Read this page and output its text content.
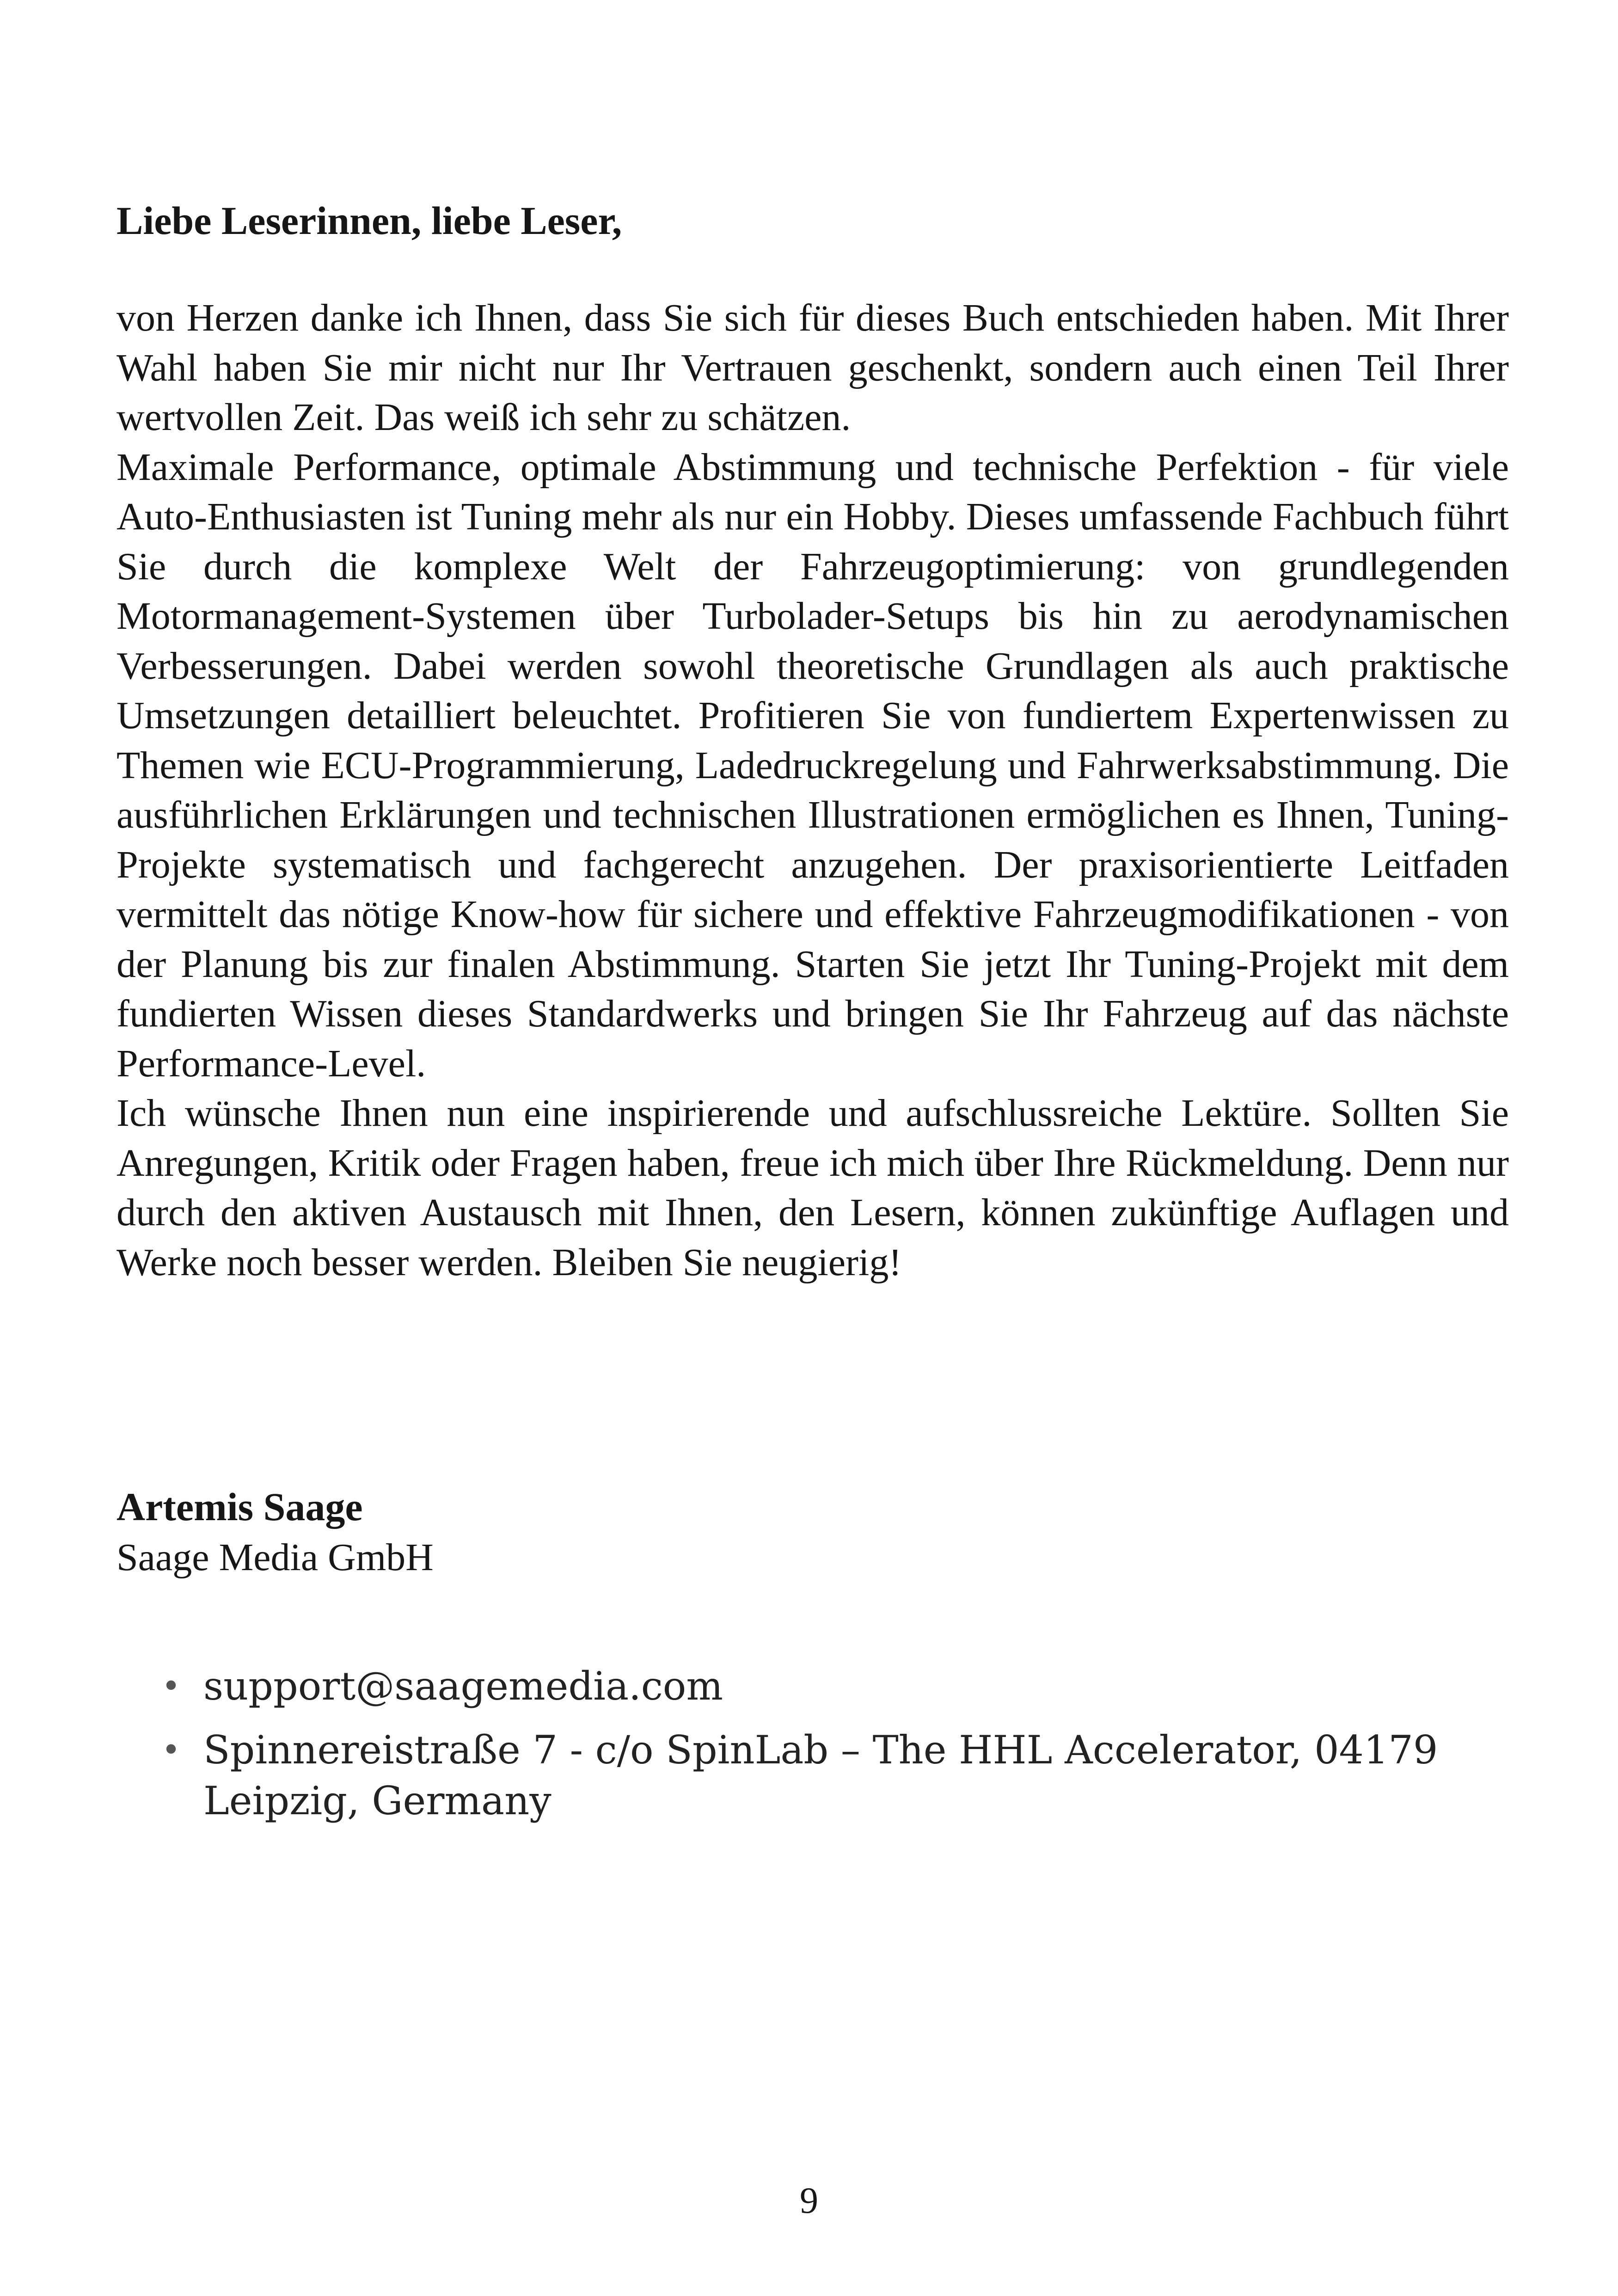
Liebe Leserinnen, liebe Leser,

von Herzen danke ich Ihnen, dass Sie sich für dieses Buch entschieden haben. Mit Ihrer Wahl haben Sie mir nicht nur Ihr Vertrauen geschenkt, sondern auch einen Teil Ihrer wertvollen Zeit. Das weiß ich sehr zu schätzen.

Maximale Performance, optimale Abstimmung und technische Perfektion - für viele Auto-Enthusiasten ist Tuning mehr als nur ein Hobby. Dieses umfassende Fachbuch führt Sie durch die komplexe Welt der Fahrzeugoptimierung: von grundlegenden Motormanagement-Systemen über Turbolader-Setups bis hin zu aerodynamischen Verbesserungen. Dabei werden sowohl theoretische Grundlagen als auch praktische Umsetzungen detailliert beleuchtet. Profitieren Sie von fundiertem Expertenwissen zu Themen wie ECU-Programmierung, Ladedruckregelung und Fahrwerksabstimmung. Die ausführlichen Erklärungen und technischen Illustrationen ermöglichen es Ihnen, Tuning-Projekte systematisch und fachgerecht anzugehen. Der praxisorientierte Leitfaden vermittelt das nötige Know-how für sichere und effektive Fahrzeugmodifikationen - von der Planung bis zur finalen Abstimmung. Starten Sie jetzt Ihr Tuning-Projekt mit dem fundierten Wissen dieses Standardwerks und bringen Sie Ihr Fahrzeug auf das nächste Performance-Level.

Ich wünsche Ihnen nun eine inspirierende und aufschlussreiche Lektüre. Sollten Sie Anregungen, Kritik oder Fragen haben, freue ich mich über Ihre Rückmeldung. Denn nur durch den aktiven Austausch mit Ihnen, den Lesern, können zukünftige Auflagen und Werke noch besser werden. Bleiben Sie neugierig!

Artemis Saage
Saage Media GmbH
• support@saagemedia.com
• Spinnereistraße 7 - c/o SpinLab – The HHL Accelerator, 04179 Leipzig, Germany
9
